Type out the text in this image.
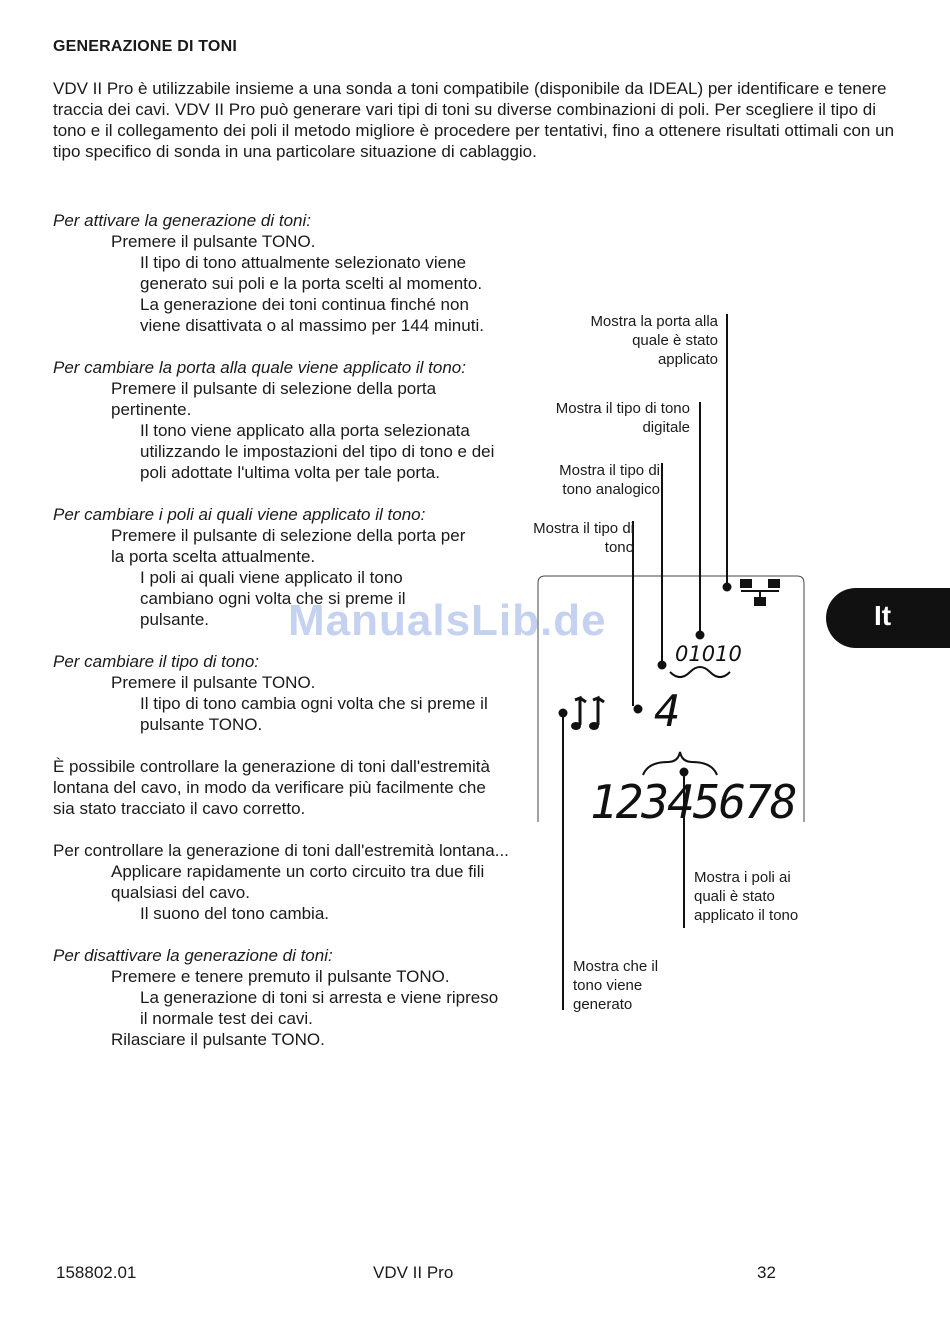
GENERAZIONE DI TONI
VDV II Pro è utilizzabile insieme a una sonda a toni compatibile (disponibile da IDEAL) per identificare e tenere traccia dei cavi. VDV II Pro può generare vari tipi di toni su diverse combinazioni di poli. Per scegliere il tipo di tono e il collegamento dei poli il metodo migliore è procedere per tentativi, fino a ottenere risultati ottimali con un tipo specifico di sonda in una particolare situazione di cablaggio.

Per attivare la generazione di toni:

Premere il pulsante TONO.

Il tipo di tono attualmente selezionato viene generato sui poli e la porta scelti al momento.

La generazione dei toni continua finché non viene disattivata o al massimo per 144 minuti.

Per cambiare la porta alla quale viene applicato il tono:

Premere il pulsante di selezione della porta pertinente.

Il tono viene applicato alla porta selezionata utilizzando le impostazioni del tipo di tono e dei poli adottate l'ultima volta per tale porta.

Per cambiare i poli ai quali viene applicato il tono:

Premere il pulsante di selezione della porta per la porta scelta attualmente.

I poli ai quali viene applicato il tono cambiano ogni volta che si preme il pulsante.

Per cambiare il tipo di tono:

Premere il pulsante TONO.

Il tipo di tono cambia ogni volta che si preme il pulsante TONO.

È possibile controllare la generazione di toni dall'estremità lontana del cavo, in modo da verificare più facilmente che sia stato tracciato il cavo corretto.

Per controllare la generazione di toni dall'estremità lontana...

Applicare rapidamente un corto circuito tra due fili qualsiasi del cavo.

Il suono del tono cambia.

Per disattivare la generazione di toni:

Premere e tenere premuto il pulsante TONO.

La generazione di toni si arresta e viene ripreso il normale test dei cavi.

Rilasciare il pulsante TONO.

01010
4
12345678
Mostra la porta alla quale è stato applicato
Mostra il tipo di tono digitale
Mostra il tipo di tono analogico
Mostra il tipo di tono
Mostra i poli ai quali è stato applicato il tono
Mostra che il tono viene generato
ManualsLib.de	It
158802.01	VDV II Pro	32
